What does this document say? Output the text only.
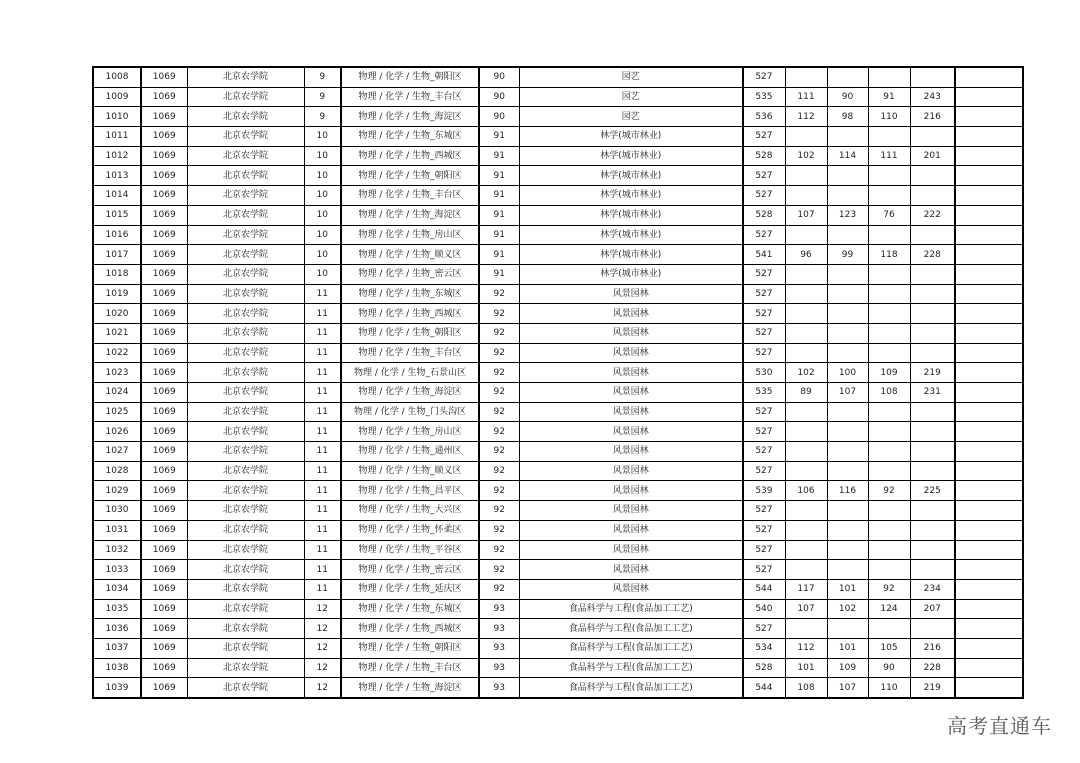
1008	1069	北京农学院	9	物理 / 化学 / 生物_朝阳区	90	园艺	527					
1009	1069	北京农学院	9	物理 / 化学 / 生物_丰台区	90	园艺	535	111	90	91	243	
1010	1069	北京农学院	9	物理 / 化学 / 生物_海淀区	90	园艺	536	112	98	110	216	
1011	1069	北京农学院	10	物理 / 化学 / 生物_东城区	91	林学(城市林业)	527					
1012	1069	北京农学院	10	物理 / 化学 / 生物_西城区	91	林学(城市林业)	528	102	114	111	201	
1013	1069	北京农学院	10	物理 / 化学 / 生物_朝阳区	91	林学(城市林业)	527					
1014	1069	北京农学院	10	物理 / 化学 / 生物_丰台区	91	林学(城市林业)	527					
1015	1069	北京农学院	10	物理 / 化学 / 生物_海淀区	91	林学(城市林业)	528	107	123	76	222	
1016	1069	北京农学院	10	物理 / 化学 / 生物_房山区	91	林学(城市林业)	527					
1017	1069	北京农学院	10	物理 / 化学 / 生物_顺义区	91	林学(城市林业)	541	96	99	118	228	
1018	1069	北京农学院	10	物理 / 化学 / 生物_密云区	91	林学(城市林业)	527					
1019	1069	北京农学院	11	物理 / 化学 / 生物_东城区	92	风景园林	527					
1020	1069	北京农学院	11	物理 / 化学 / 生物_西城区	92	风景园林	527					
1021	1069	北京农学院	11	物理 / 化学 / 生物_朝阳区	92	风景园林	527					
1022	1069	北京农学院	11	物理 / 化学 / 生物_丰台区	92	风景园林	527					
1023	1069	北京农学院	11	物理 / 化学 / 生物_石景山区	92	风景园林	530	102	100	109	219	
1024	1069	北京农学院	11	物理 / 化学 / 生物_海淀区	92	风景园林	535	89	107	108	231	
1025	1069	北京农学院	11	物理 / 化学 / 生物_门头沟区	92	风景园林	527					
1026	1069	北京农学院	11	物理 / 化学 / 生物_房山区	92	风景园林	527					
1027	1069	北京农学院	11	物理 / 化学 / 生物_通州区	92	风景园林	527					
1028	1069	北京农学院	11	物理 / 化学 / 生物_顺义区	92	风景园林	527					
1029	1069	北京农学院	11	物理 / 化学 / 生物_昌平区	92	风景园林	539	106	116	92	225	
1030	1069	北京农学院	11	物理 / 化学 / 生物_大兴区	92	风景园林	527					
1031	1069	北京农学院	11	物理 / 化学 / 生物_怀柔区	92	风景园林	527					
1032	1069	北京农学院	11	物理 / 化学 / 生物_平谷区	92	风景园林	527					
1033	1069	北京农学院	11	物理 / 化学 / 生物_密云区	92	风景园林	527					
1034	1069	北京农学院	11	物理 / 化学 / 生物_延庆区	92	风景园林	544	117	101	92	234	
1035	1069	北京农学院	12	物理 / 化学 / 生物_东城区	93	食品科学与工程(食品加工工艺)	540	107	102	124	207	
1036	1069	北京农学院	12	物理 / 化学 / 生物_西城区	93	食品科学与工程(食品加工工艺)	527					
1037	1069	北京农学院	12	物理 / 化学 / 生物_朝阳区	93	食品科学与工程(食品加工工艺)	534	112	101	105	216	
1038	1069	北京农学院	12	物理 / 化学 / 生物_丰台区	93	食品科学与工程(食品加工工艺)	528	101	109	90	228	
1039	1069	北京农学院	12	物理 / 化学 / 生物_海淀区	93	食品科学与工程(食品加工工艺)	544	108	107	110	219	
高考直通车
